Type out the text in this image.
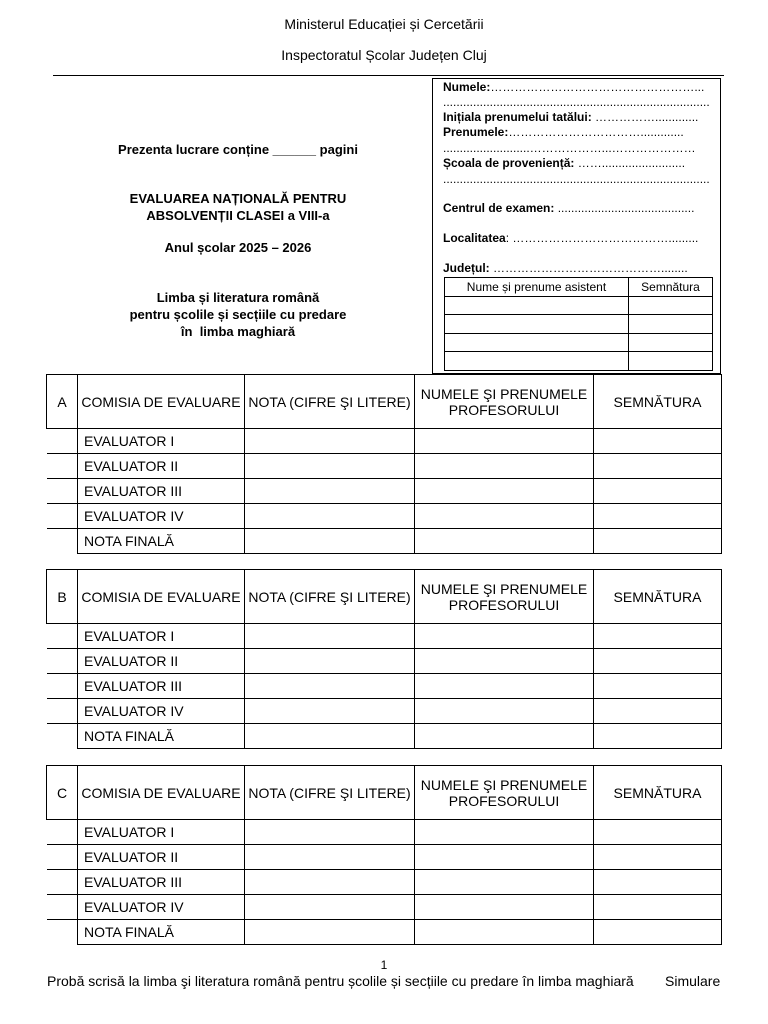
Ministerul Educației și Cercetării
Inspectoratul Școlar Județen Cluj
Prezenta lucrare conține ______ pagini
EVALUAREA NAȚIONALĂ PENTRU
ABSOLVENȚII CLASEI a VIII-a
Anul școlar 2025 – 2026
Limba și literatura română
pentru școlile și secțiile cu predare
în  limba maghiară
Numele:……………………………………………...
................................................................................
Inițiala prenumelui tatălui: …………….............
Prenumele:…………………………….............
..........................………………...…………………
Școala de proveniență: …….........................
................................................................................
Centrul de examen: .........................................
Localitatea: ………………………………….........
Județul: ……………………………………........
Nume și prenume asistent	Semnătura

A	COMISIA DE EVALUARE	NOTA (CIFRE ŞI LITERE)	NUMELE ŞI PRENUMELE PROFESORULUI	SEMNĂTURA
	EVALUATOR I			
	EVALUATOR II			
	EVALUATOR III			
	EVALUATOR IV			
	NOTA FINALĂ			
B	COMISIA DE EVALUARE	NOTA (CIFRE ŞI LITERE)	NUMELE ŞI PRENUMELE PROFESORULUI	SEMNĂTURA
	EVALUATOR I			
	EVALUATOR II			
	EVALUATOR III			
	EVALUATOR IV			
	NOTA FINALĂ			
C	COMISIA DE EVALUARE	NOTA (CIFRE ŞI LITERE)	NUMELE ŞI PRENUMELE PROFESORULUI	SEMNĂTURA
	EVALUATOR I			
	EVALUATOR II			
	EVALUATOR III			
	EVALUATOR IV			
	NOTA FINALĂ			
1
Probă scrisă la limba şi literatura română pentru școlile și secțiile cu predare în limba maghiară Simulare
